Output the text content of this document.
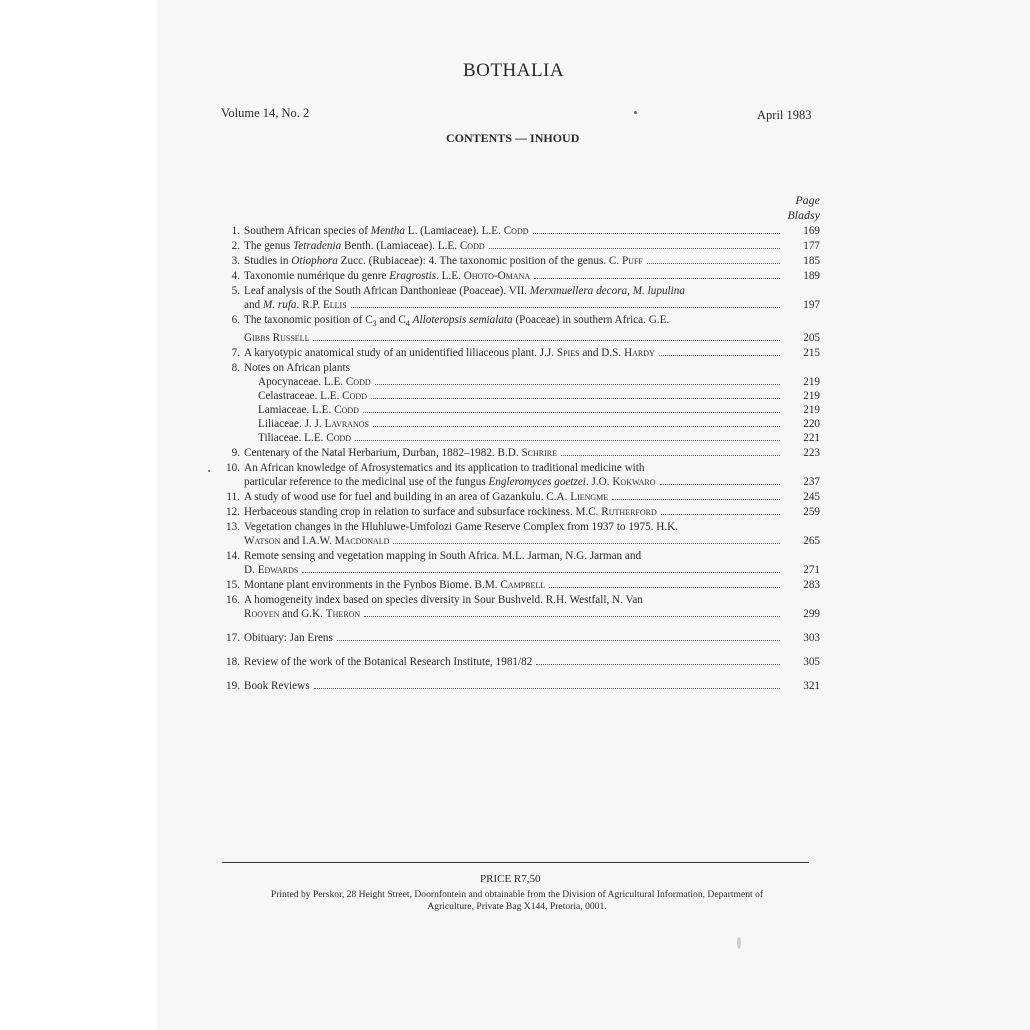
BOTHALIA
Volume 14, No. 2	April 1983
CONTENTS — INHOUD
Page
Bladsy
1. Southern African species of Mentha L. (Lamiaceae). L.E. Codd	169
2. The genus Tetradenia Benth. (Lamiaceae). L.E. Codd	177
3. Studies in Otiophora Zucc. (Rubiaceae): 4. The taxonomic position of the genus. C. Puff	185
4. Taxonomie numérique du genre Eragrostis. L.E. Ohoto-Omana	189
5. Leaf analysis of the South African Danthonieae (Poaceae). VII. Merxmuellera decora, M. lupulina
and M. rufa. R.P. Ellis	197
6. The taxonomic position of $C_3$ and $C_4$ Alloteropsis semialata (Poaceae) in southern Africa. G.E.
Gibbs Russell	205
7. A karyotypic anatomical study of an unidentified liliaceous plant. J.J. Spies and D.S. Hardy	215
8. Notes on African plants
Apocynaceae. L.E. Codd	219
Celastraceae. L.E. Codd	219
Lamiaceae. L.E. Codd	219
Liliaceae. J. J. Lavranos	220
Tiliaceae. L.E. Codd	221
9. Centenary of the Natal Herbarium, Durban, 1882–1982. B.D. Schrire	223
10. An African knowledge of Afrosystematics and its application to traditional medicine with
particular reference to the medicinal use of the fungus Engleromyces goetzei. J.O. Kokwaro	237
11. A study of wood use for fuel and building in an area of Gazankulu. C.A. Liengme	245
12. Herbaceous standing crop in relation to surface and subsurface rockiness. M.C. Rutherford	259
13. Vegetation changes in the Hluhluwe-Umfolozi Game Reserve Complex from 1937 to 1975. H.K.
Watson and I.A.W. Macdonald	265
14. Remote sensing and vegetation mapping in South Africa. M.L. Jarman, N.G. Jarman and
D. Edwards	271
15. Montane plant environments in the Fynbos Biome. B.M. Campbell	283
16. A homogeneity index based on species diversity in Sour Bushveld. R.H. Westfall, N. Van
Rooyen and G.K. Theron	299
17. Obituary: Jan Erens	303
18. Review of the work of the Botanical Research Institute, 1981/82	305
19. Book Reviews	321
PRICE R7,50
Printed by Perskor, 28 Height Street, Doornfontein and obtainable from the Division of Agricultural Information, Department of
Agriculture, Private Bag X144, Pretoria, 0001.
